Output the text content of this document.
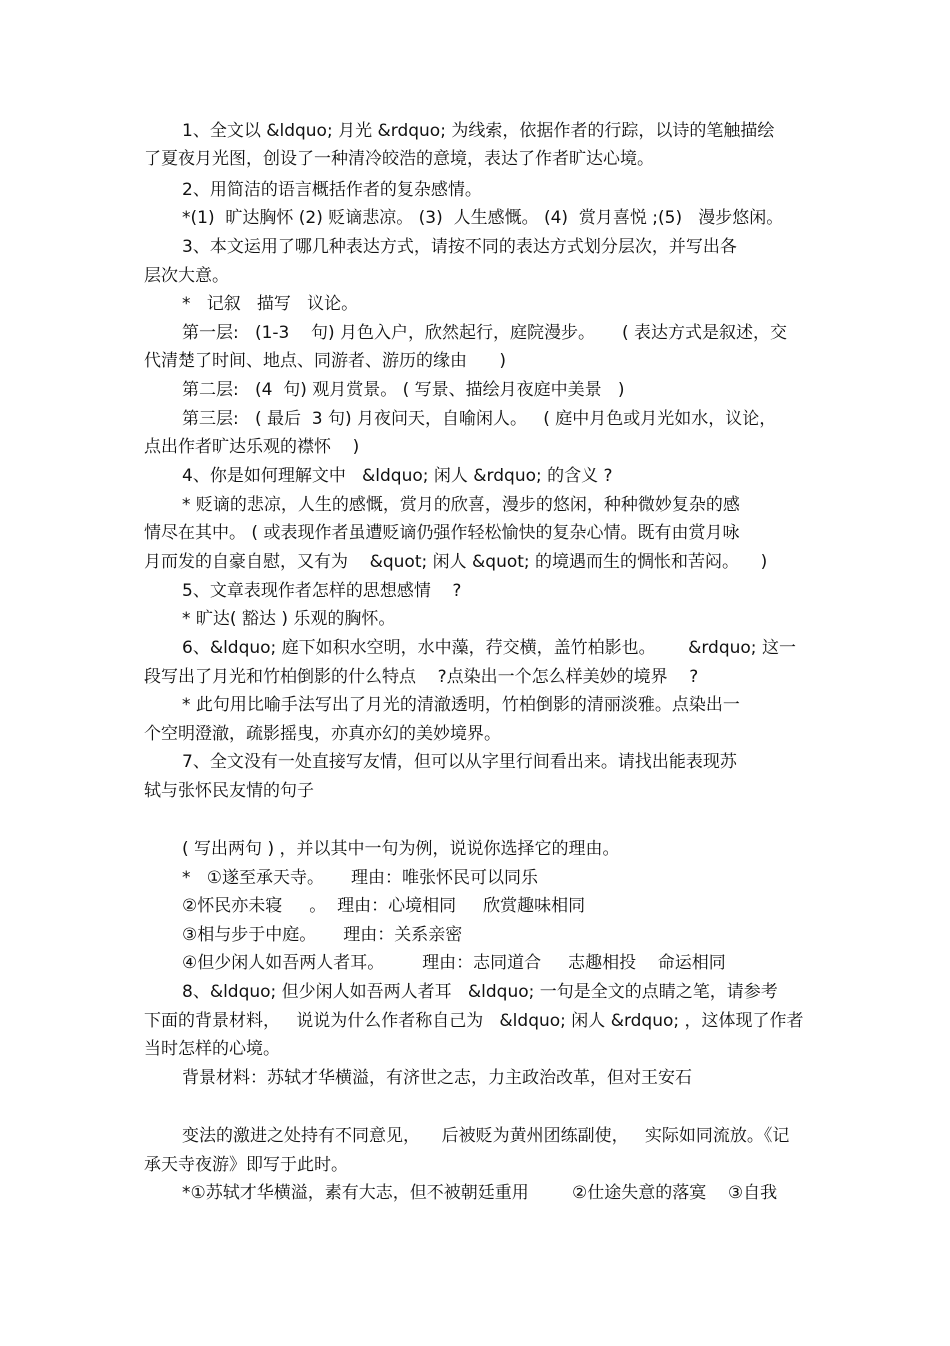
1、全文以 &ldquo; 月光 &rdquo; 为线索，依据作者的行踪，以诗的笔触描绘

了夏夜月光图，创设了一种清冷皎浩的意境，表达了作者旷达心境。

2、用简洁的语言概括作者的复杂感情。

*(1)  旷达胸怀 (2) 贬谪悲凉。 (3)  人生感慨。 (4)  赏月喜悦 ;(5)   漫步悠闲。

3、本文运用了哪几种表达方式，请按不同的表达方式划分层次，并写出各

层次大意。

*   记叙   描写   议论。

第一层:   (1-3    句) 月色入户，欣然起行，庭院漫步。     ( 表达方式是叙述，交

代清楚了时间、地点、同游者、游历的缘由      )

第二层:   (4  句) 观月赏景。 ( 写景、描绘月夜庭中美景   )

第三层:   ( 最后  3 句) 月夜问天，自喻闲人。   ( 庭中月色或月光如水，议论，

点出作者旷达乐观的襟怀    )

4、你是如何理解文中   &ldquo; 闲人 &rdquo; 的含义 ?

* 贬谪的悲凉，人生的感慨，赏月的欣喜，漫步的悠闲，种种微妙复杂的感

情尽在其中。 ( 或表现作者虽遭贬谪仍强作轻松愉快的复杂心情。既有由赏月咏

月而发的自豪自慰，又有为    &quot; 闲人 &quot; 的境遇而生的惆怅和苦闷。    )

5、文章表现作者怎样的思想感情    ?

* 旷达( 豁达 ) 乐观的胸怀。

6、&ldquo; 庭下如积水空明，水中藻，荇交横，盖竹柏影也。      &rdquo; 这一

段写出了月光和竹柏倒影的什么特点    ?点染出一个怎么样美妙的境界    ?

* 此句用比喻手法写出了月光的清澈透明，竹柏倒影的清丽淡雅。点染出一

个空明澄澈，疏影摇曳，亦真亦幻的美妙境界。

7、全文没有一处直接写友情，但可以从字里行间看出来。请找出能表现苏

轼与张怀民友情的句子

( 写出两句 ) ，并以其中一句为例，说说你选择它的理由。

*   ①遂至承天寺。     理由：唯张怀民可以同乐

②怀民亦未寝     。  理由：心境相同     欣赏趣味相同

③相与步于中庭。     理由：关系亲密

④但少闲人如吾两人者耳。       理由：志同道合     志趣相投    命运相同

8、&ldquo; 但少闲人如吾两人者耳   &ldquo; 一句是全文的点睛之笔，请参考

下面的背景材料，   说说为什么作者称自己为   &ldquo; 闲人 &rdquo; ，这体现了作者

当时怎样的心境。

背景材料：苏轼才华横溢，有济世之志，力主政治改革，但对王安石

变法的激进之处持有不同意见，    后被贬为黄州团练副使，   实际如同流放。《记

承天寺夜游》即写于此时。

*①苏轼才华横溢，素有大志，但不被朝廷重用        ②仕途失意的落寞    ③自我
